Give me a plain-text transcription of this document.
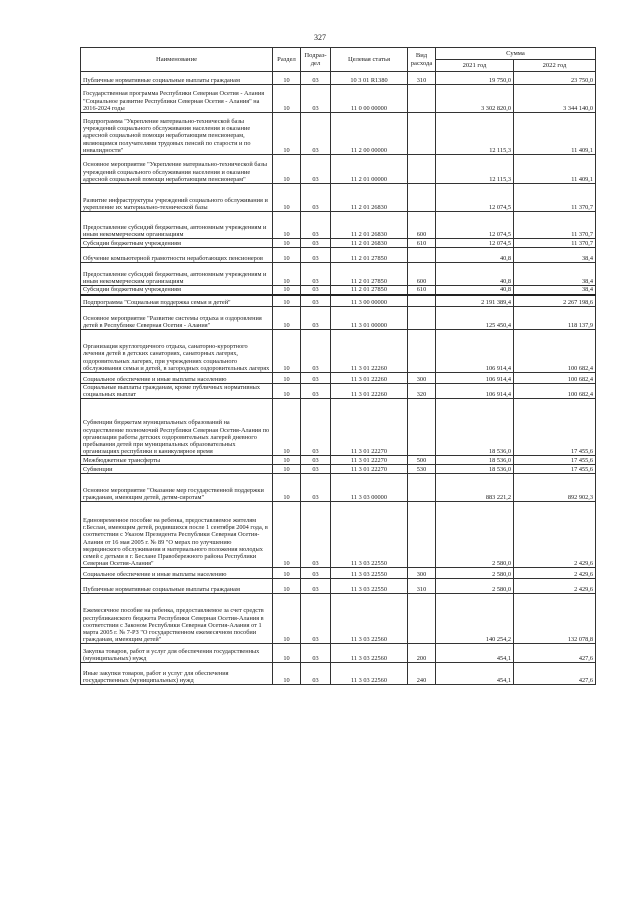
327
Наименование	Раздел	Подраз-дел	Целевая статья	Вид расхода	Сумма	
					2021 год	2022 год
Публичные нормативные социальные выплаты гражданам	10	03	10 3 01 R1380	310	19 750,0	23 750,0
Государственная программа Республики Северная Осетия - Алания "Социальное развитие Республики Северная Осетия - Алания" на 2016-2024 годы	10	03	11 0 00 00000		3 302 820,0	3 344 140,0
Подпрограмма "Укрепление материально-технической базы учреждений социального обслуживания населения и оказание адресной социальной помощи неработающим пенсионерам, являющимся получателями трудовых пенсий по старости и по инвалидности"	10	03	11 2 00 00000		12 115,3	11 409,1
Основное мероприятие "Укрепление материально-технической базы учреждений социального обслуживания населения и оказание адресной социальной помощи неработающим пенсионерам"	10	03	11 2 01 00000		12 115,3	11 409,1
Развитие инфраструктуры учреждений социального обслуживания и укрепление их материально-технической базы	10	03	11 2 01 26830		12 074,5	11 370,7
Предоставление субсидий бюджетным, автономным учреждениям и иным некоммерческим организациям	10	03	11 2 01 26830	600	12 074,5	11 370,7
Субсидии бюджетным учреждениям	10	03	11 2 01 26830	610	12 074,5	11 370,7
Обучение компьютерной грамотности неработающих пенсионеров	10	03	11 2 01 27850		40,8	38,4
Предоставление субсидий бюджетным, автономным учреждениям и иным некоммерческим организациям	10	03	11 2 01 27850	600	40,8	38,4
Субсидии бюджетным учреждениям	10	03	11 2 01 27850	610	40,8	38,4
Подпрограмма "Социальная поддержка семьи и детей"	10	03	11 3 00 00000		2 191 389,4	2 267 198,6
Основное мероприятие "Развитие системы отдыха и оздоровления детей в Республике Северная Осетия - Алания"	10	03	11 3 01 00000		125 450,4	118 137,9
Организация круглогодичного отдыха, санаторно-курортного лечения детей в детских санаториях, санаторных лагерях, оздоровительных лагерях, при учреждениях социального обслуживания семьи и детей, в загородных оздоровительных лагерях	10	03	11 3 01 22260		106 914,4	100 682,4
Социальное обеспечение и иные выплаты населению	10	03	11 3 01 22260	300	106 914,4	100 682,4
Социальные выплаты гражданам, кроме публичных нормативных социальных выплат	10	03	11 3 01 22260	320	106 914,4	100 682,4
Субвенции бюджетам муниципальных образований на осуществление полномочий Республики Северная Осетия-Алания по организации работы детских оздоровительных лагерей дневного пребывания детей при муниципальных образовательных организациях республики в каникулярное время	10	03	11 3 01 22270		18 536,0	17 455,6
Межбюджетные трансферты	10	03	11 3 01 22270	500	18 536,0	17 455,6
Субвенции	10	03	11 3 01 22270	530	18 536,0	17 455,6
Основное мероприятие "Оказание мер государственной поддержки гражданам, имеющим детей, детям-сиротам"	10	03	11 3 03 00000		883 221,2	892 902,3
Единовременное пособие на ребенка, предоставляемое жителям г.Беслан, имеющим детей, родившихся после 1 сентября 2004 года, в соответствии с Указом Президента Республики Северная Осетия-Алания от 16 мая 2005 г. № 89 "О мерах по улучшению медицинского обслуживания и материального положения молодых семей с детьми в г. Беслане Правобережного района Республики Северная Осетия-Алания"	10	03	11 3 03 22550		2 580,0	2 429,6
Социальное обеспечение и иные выплаты населению	10	03	11 3 03 22550	300	2 580,0	2 429,6
Публичные нормативные социальные выплаты гражданам	10	03	11 3 03 22550	310	2 580,0	2 429,6
Ежемесячное пособие на ребенка, предоставляемое за счет средств республиканского бюджета Республики Северная Осетия-Алания в соответствии с Законом Республики Северная Осетия-Алания от 1 марта 2005 г. № 7-РЗ "О государственном ежемесячном пособии гражданам, имеющим детей"	10	03	11 3 03 22560		140 254,2	132 078,8
Закупка товаров, работ и услуг для обеспечения государственных (муниципальных) нужд	10	03	11 3 03 22560	200	454,1	427,6
Иные закупки товаров, работ и услуг для обеспечения государственных (муниципальных) нужд	10	03	11 3 03 22560	240	454,1	427,6
